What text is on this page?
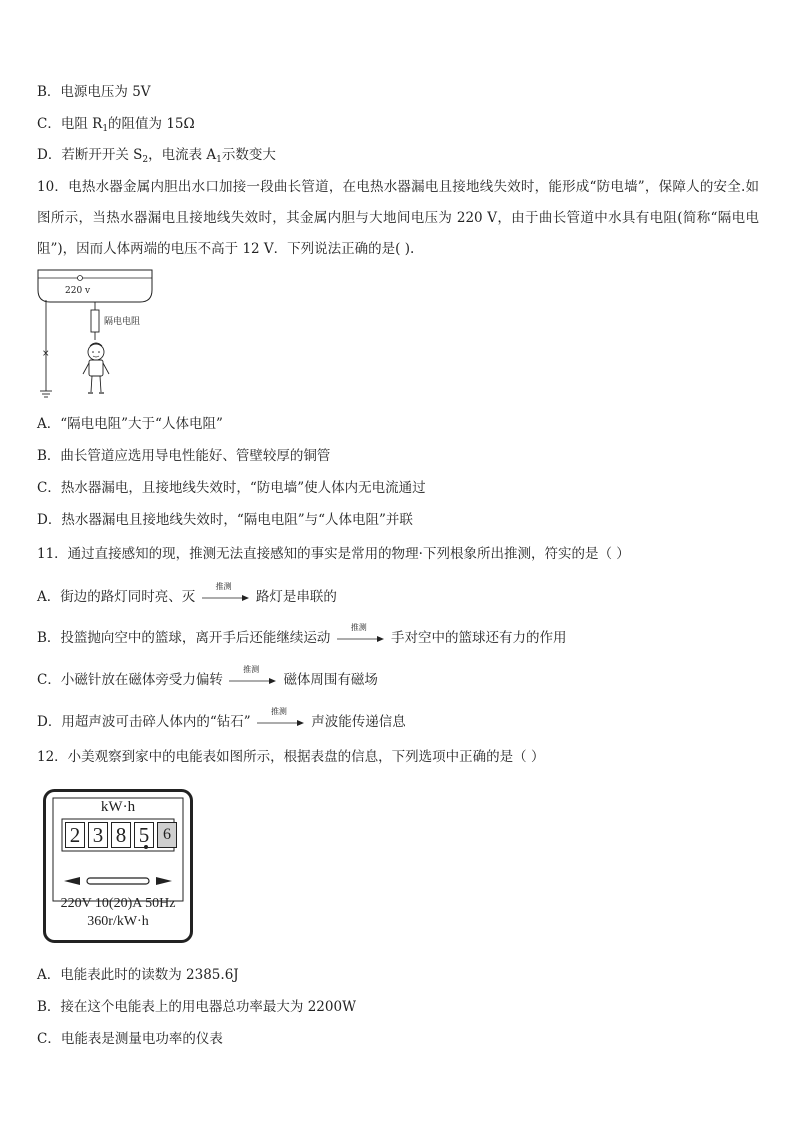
B．电源电压为 5V
C．电阻 $R_1$的阻值为 15Ω
D．若断开开关 $S_2$，电流表 $A_1$示数变大
10．电热水器金属内胆出水口加接一段曲长管道，在电热水器漏电且接地线失效时，能形成“防电墙”，保障人的安全.如图所示，当热水器漏电且接地线失效时，其金属内胆与大地间电压为 220 V，由于曲长管道中水具有电阻(简称“隔电电阻”)，因而人体两端的电压不高于 12 V．下列说法正确的是( ).
×
220 v
隔电电阻
A．“隔电电阻”大于“人体电阻”
B．曲长管道应选用导电性能好、管壁较厚的铜管
C．热水器漏电，且接地线失效时，“防电墙”使人体内无电流通过
D．热水器漏电且接地线失效时，“隔电电阻”与“人体电阻”并联
11．通过直接感知的现，推测无法直接感知的事实是常用的物理·下列根象所出推测，符实的是（ ）
A．街边的路灯同时亮、灭
推测
路灯是串联的
B．投篮抛向空中的篮球，离开手后还能继续运动
推测
手对空中的篮球还有力的作用
C．小磁针放在磁体旁受力偏转
推测
磁体周围有磁场
D．用超声波可击碎人体内的“钻石”
推测
声波能传递信息
12．小美观察到家中的电能表如图所示，根据表盘的信息，下列选项中正确的是（ ）
kW·h
2 3 8 5 6
220V 10(20)A 50Hz
360r/kW·h
A．电能表此时的读数为 2385.6J
B．接在这个电能表上的用电器总功率最大为 2200W
C．电能表是测量电功率的仪表
